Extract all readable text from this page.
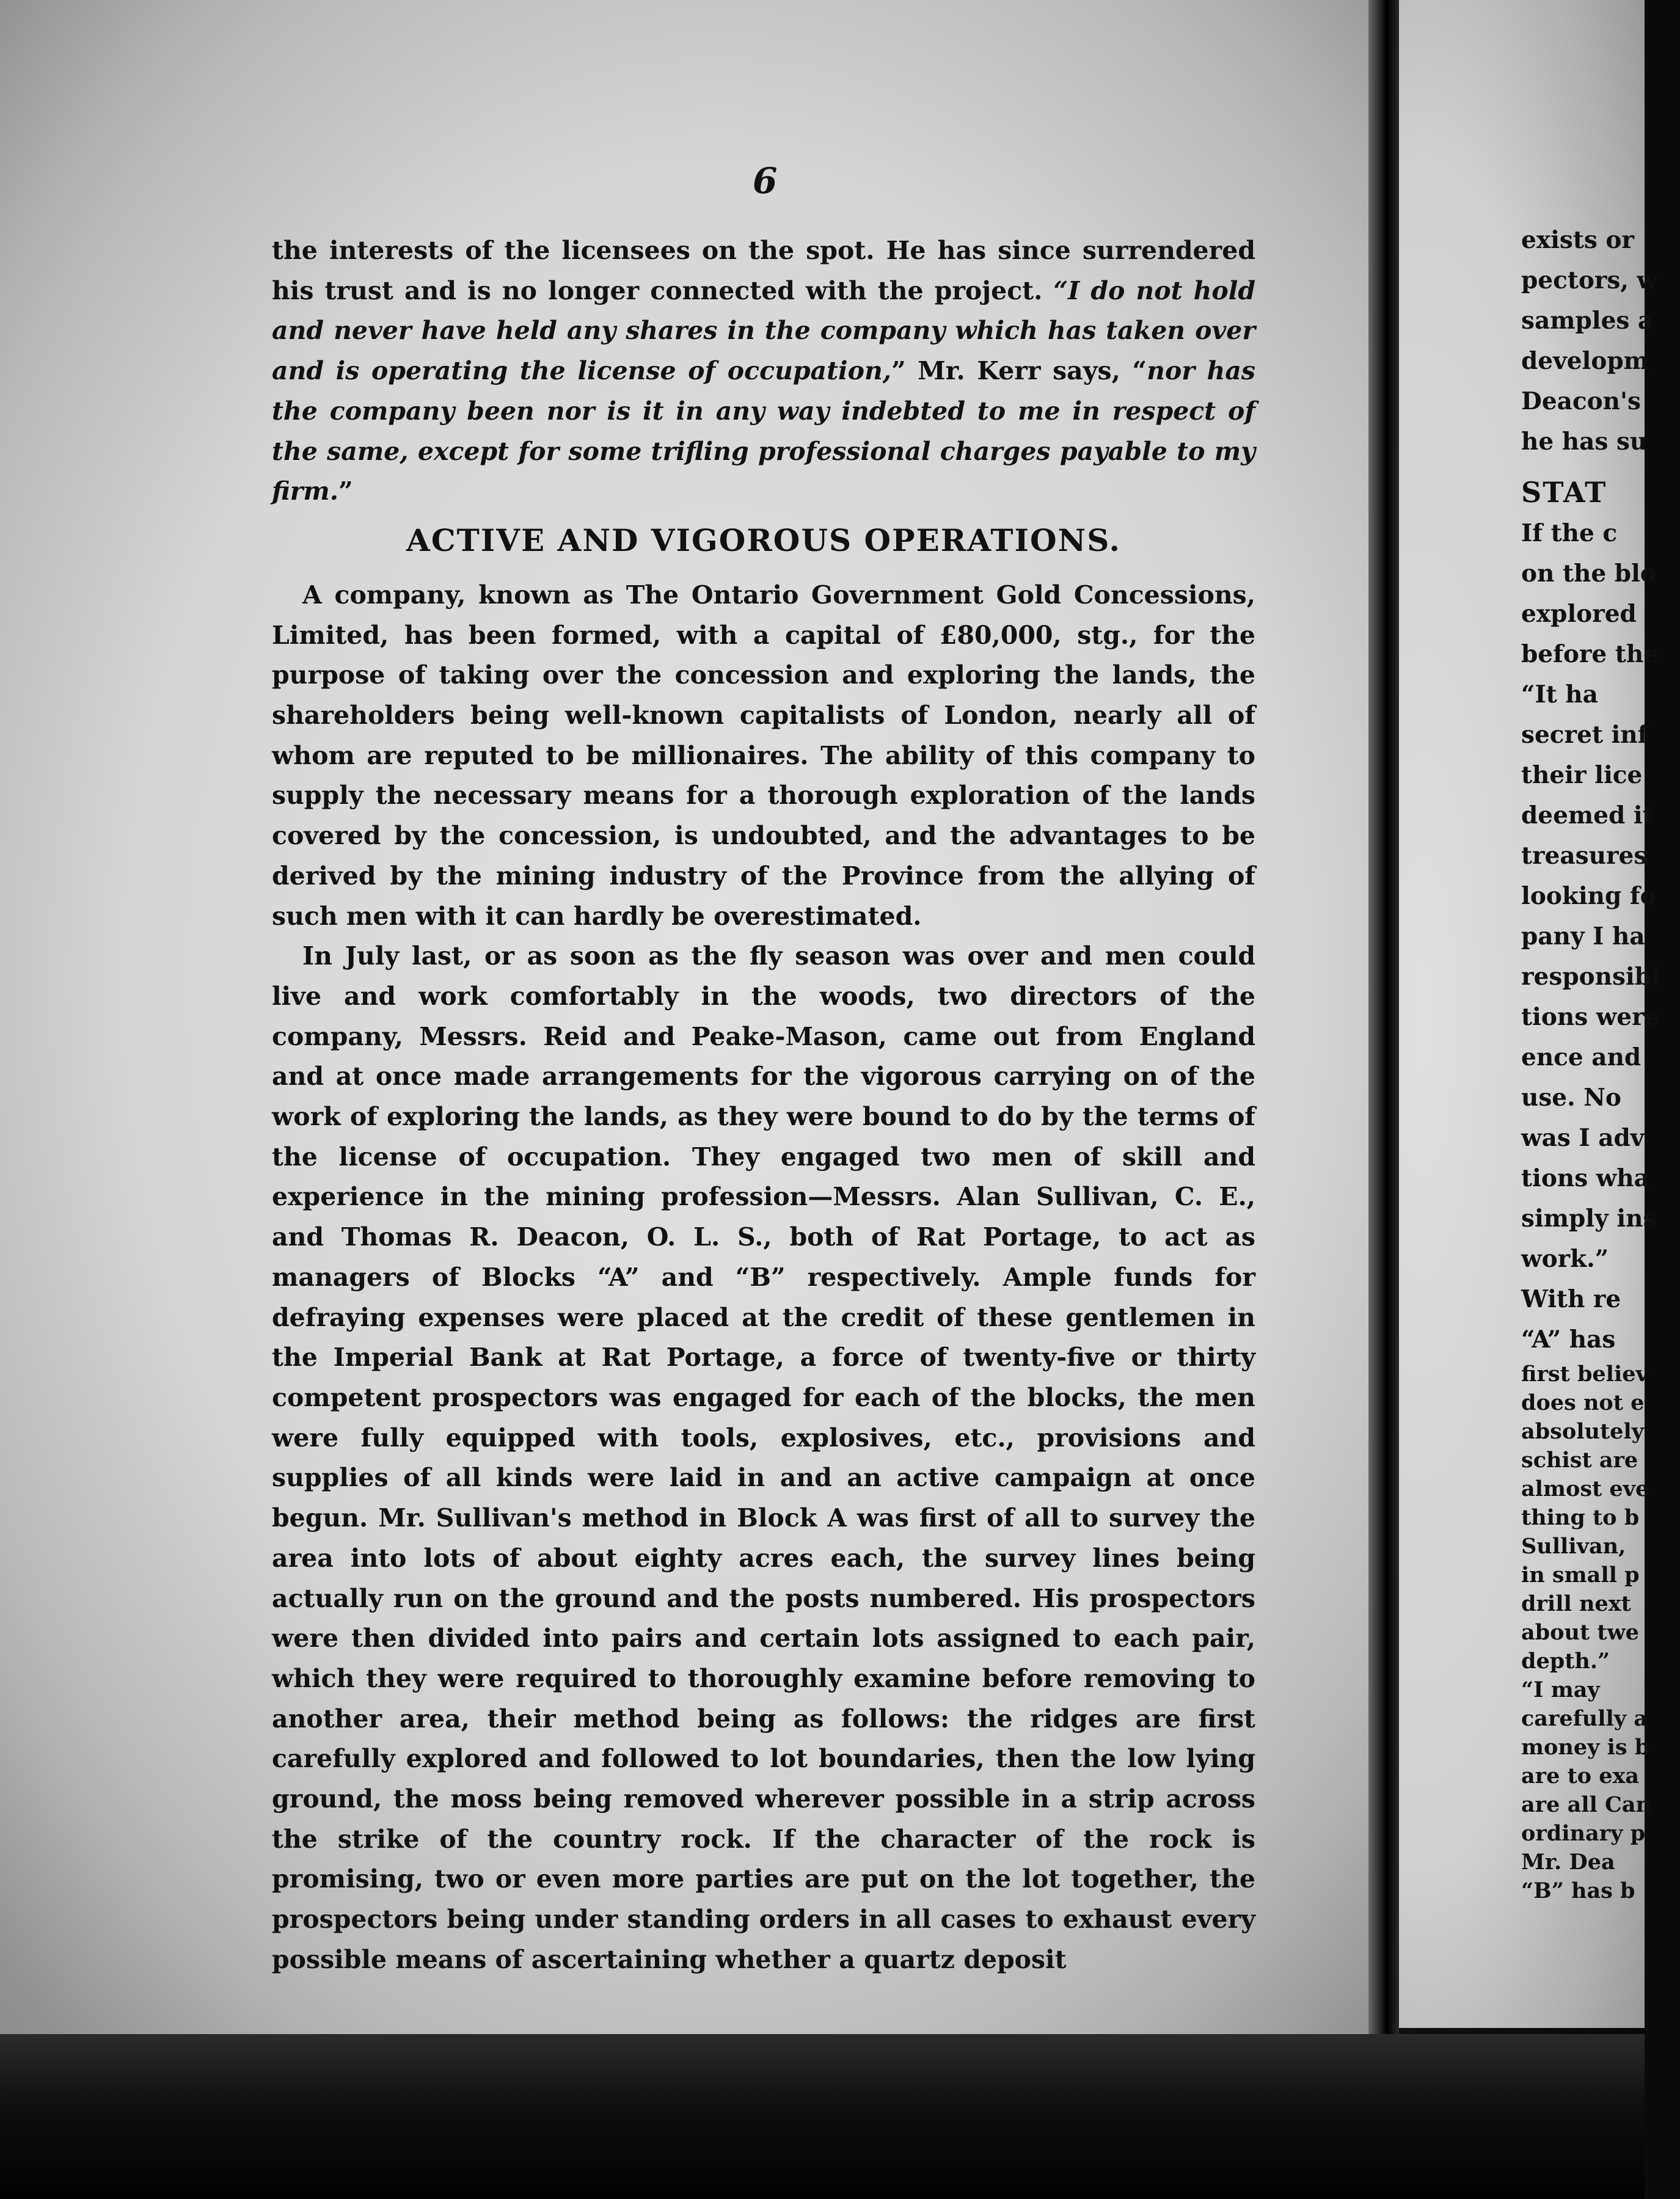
6

the interests of the licensees on the spot. He has since surrendered his trust and is no longer connected with the project. “I do not hold and never have held any shares in the company which has taken over and is operating the license of occupation,” Mr. Kerr says, “nor has the company been nor is it in any way indebted to me in respect of the same, except for some trifling professional charges payable to my firm.”

ACTIVE AND VIGOROUS OPERATIONS.

A company, known as The Ontario Government Gold Concessions, Limited, has been formed, with a capital of £80,000, stg., for the purpose of taking over the concession and exploring the lands, the shareholders being well-known capitalists of London, nearly all of whom are reputed to be millionaires. The ability of this company to supply the necessary means for a thorough exploration of the lands covered by the concession, is undoubted, and the advantages to be derived by the mining industry of the Province from the allying of such men with it can hardly be overestimated.

In July last, or as soon as the fly season was over and men could live and work comfortably in the woods, two directors of the company, Messrs. Reid and Peake-Mason, came out from England and at once made arrangements for the vigorous carrying on of the work of exploring the lands, as they were bound to do by the terms of the license of occupation. They engaged two men of skill and experience in the mining profession—Messrs. Alan Sullivan, C. E., and Thomas R. Deacon, O. L. S., both of Rat Portage, to act as managers of Blocks “A” and “B” respectively. Ample funds for defraying expenses were placed at the credit of these gentlemen in the Imperial Bank at Rat Portage, a force of twenty-five or thirty competent prospectors was engaged for each of the blocks, the men were fully equipped with tools, explosives, etc., provisions and supplies of all kinds were laid in and an active campaign at once begun. Mr. Sullivan's method in Block A was first of all to survey the area into lots of about eighty acres each, the survey lines being actually run on the ground and the posts numbered. His prospectors were then divided into pairs and certain lots assigned to each pair, which they were required to thoroughly examine before removing to another area, their method being as follows: the ridges are first carefully explored and followed to lot boundaries, then the low lying ground, the moss being removed wherever possible in a strip across the strike of the country rock. If the character of the rock is promising, two or even more parties are put on the lot together, the prospectors being under standing orders in all cases to exhaust every possible means of ascertaining whether a quartz deposit

exists or
pectors, w
samples a
developm
Deacon's
he has su
STAT
If the c
on the blo
explored
before the
“It ha
secret inf
their lice
deemed it
treasures
looking fo
pany I ha
responsibl
tions were
ence and
use. No
was I adv
tions wha
simply ins
work.”
With re
“A” has
first believ
does not e
absolutely
schist are
almost eve
thing to b
Sullivan,
in small p
drill next
about twe
depth.”
“I may
carefully a
money is b
are to exa
are all Can
ordinary p
Mr. Dea
“B” has b
